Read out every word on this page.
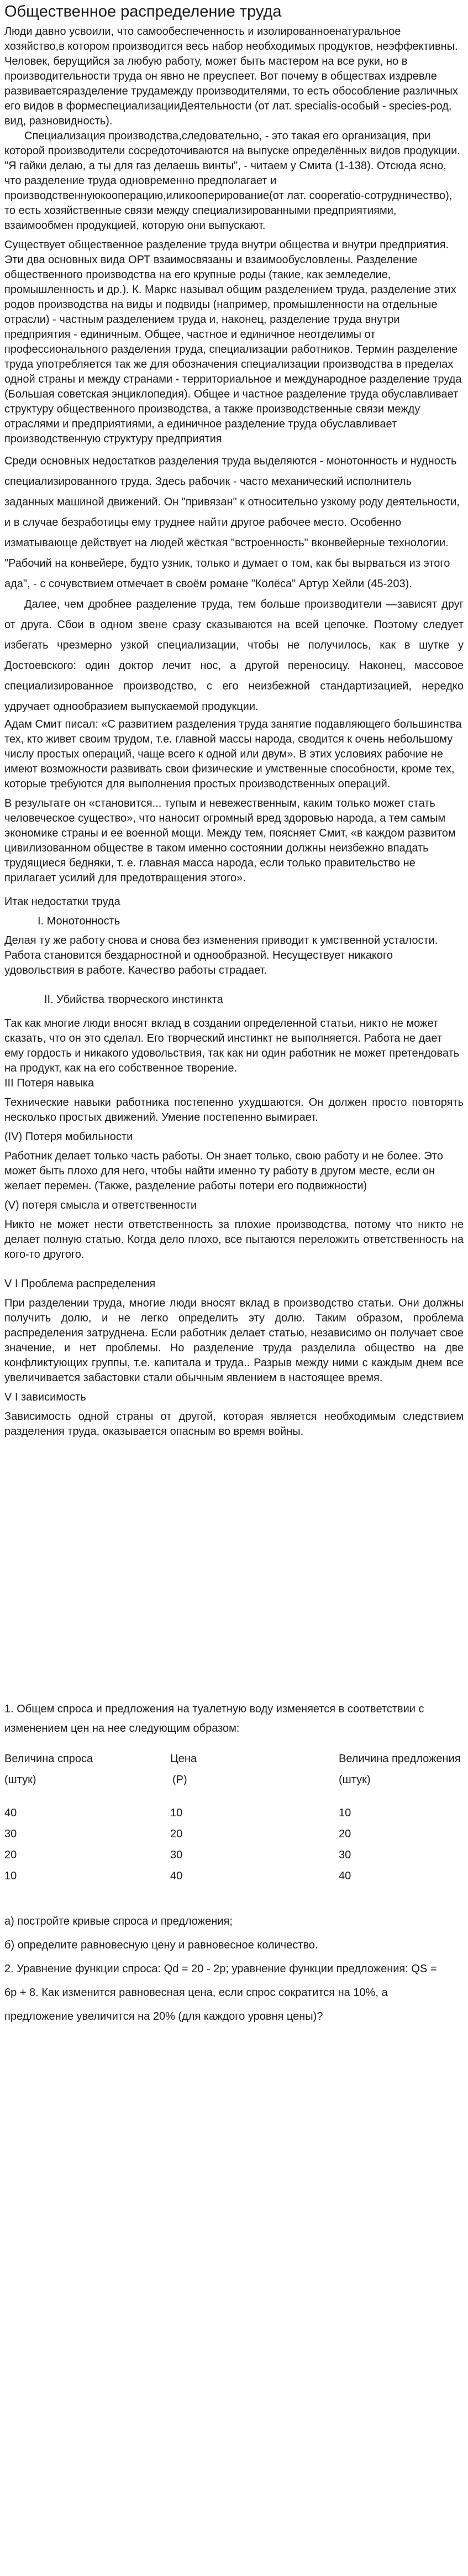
Общественное распределение труда

Люди давно усвоили, что самообеспеченность и изолированноенатуральное хозяйство,в котором производится весь набор необходимых продуктов, неэффективны. Человек, берущийся за любую работу, может быть мастером на все руки, но в производительности труда он явно не преуспеет. Вот почему в обществах издревле развиваетсяразделение трудамежду производителями, то есть обособление различных его видов в формеспециализацииДеятельности (от лат. specialis-особый - species-род, вид, разновидность).

Специализация производства,следовательно, - это такая его организация, при которой производители сосредоточиваются на выпуске определённых видов продукции. "Я гайки делаю, а ты для газ делаешь винты", - читаем у Смита (1-138). Отсюда ясно, что разделение труда одновременно предполагает и производственнуюкооперацию,иликооперирование(от лат. cooperatio-сотрудничество), то есть хозяйственные связи между специализированными предприятиями, взаимообмен продукцией, которую они выпускают.

Существует общественное разделение труда внутри общества и внутри предприятия. Эти два основных вида ОРТ взаимосвязаны и взаимообусловлены. Разделение общественного производства на его крупные роды (такие, как земледелие, промышленность и др.). К. Маркс называл общим разделением труда, разделение этих родов производства на виды и подвиды (например, промышленности на отдельные отрасли) - частным разделением труда и, наконец, разделение труда внутри предприятия - единичным. Общее, частное и единичное неотделимы от профессионального разделения труда, специализации работников. Термин разделение труда употребляется так же для обозначения специализации производства в пределах одной страны и между странами - территориальное и международное разделение труда (Большая советская энциклопедия). Общее и частное разделение труда обуславливает структуру общественного производства, а также производственные связи между отраслями и предприятиями, а единичное разделение труда обуславливает производственную структуру предприятия

Среди основных недостатков разделения труда выделяются - монотонность и нудность специализированного труда. Здесь рабочик - часто механический исполнитель заданных машиной движений. Он "привязан" к относительно узкому роду деятельности, и в случае безработицы ему труднее найти другое рабочее место. Особенно изматывающе действует на людей жёсткая "встроенность" вконвейерные технологии. "Рабочий на конвейере, будто узник, только и думает о том, как бы вырваться из этого ада", - с сочувствием отмечает в своём романе "Колёса" Артур Хейли (45-203).

Далее, чем дробнее разделение труда, тем больше производители —зависят друг от друга. Сбои в одном звене сразу сказываются на всей цепочке. Поэтому следует избегать чрезмерно узкой специализации, чтобы не получилось, как в шутке у Достоевского: один доктор лечит нос, а другой переносицу. Наконец, массовое специализированное производство, с его неизбежной стандартизацией, нередко удручает однообразием выпускаемой продукции.

Адам Смит писал: «С развитием разделения труда занятие подавляющего большинства тех, кто живет своим трудом, т.е. главной массы народа, сводится к очень небольшому числу простых операций, чаще всего к одной или двум». В этих условиях рабочие не имеют возможности развивать свои физические и умственные способности, кроме тех, которые требуются для выполнения простых производственных операций.

В результате он «становится... тупым и невежественным, каким только может стать человеческое существо», что наносит огромный вред здоровью народа, а тем самым экономике страны и ее военной мощи. Между тем, поясняет Смит, «в каждом развитом цивилизованном обществе в таком именно состоянии должны неизбежно впадать трудящиеся бедняки, т. е. главная масса народа, если только правительство не прилагает усилий для предотвращения этого».

Итак недостатки труда

I. Монотонность

Делая ту же работу снова и снова без изменения приводит к умственной усталости. Работа становится бездарностной и однообразной. Несуществует никакого удовольствия в работе. Качество работы страдает.

II. Убийства творческого инстинкта

Так как многие люди вносят вклад в создании определенной статьи, никто не может сказать, что он это сделал. Его творческий инстинкт не выполняется. Работа не дает ему гордость и никакого удовольствия, так как ни один работник не может претендовать на продукт, как на его собственное творение.

III Потеря навыка

Технические навыки работника постепенно ухудшаются. Он должен просто повторять несколько простых движений. Умение постепенно вымирает.

(IV) Потеря мобильности

Работник делает только часть работы. Он знает только, свою работу и не более. Это может быть плохо для него, чтобы найти именно ту работу в другом месте, если он желает перемен. (Также, разделение работы потери его подвижности)

(V) потеря смысла и ответственности

Никто не может нести ответственность за плохие производства, потому что никто не делает полную статью. Когда дело плохо, все пытаются переложить ответственность на кого-то другого.

V I Проблема распределения

При разделении труда, многие люди вносят вклад в производство статьи. Они должны получить долю, и не легко определить эту долю. Таким образом, проблема распределения затруднена. Если работник делает статью, независимо он получает свое значение, и нет проблемы. Но разделение труда разделила общество на две конфликтующих группы, т.е. капитала и труда.. Разрыв между ними с каждым днем все увеличивается забастовки стали обычным явлением в настоящее время.

V I зависимость

Зависимость одной страны от другой, которая является необходимым следствием разделения труда, оказывается опасным во время войны.

1. Общем спроса и предложения на туалетную воду изменяется в соответствии с

изменением цен на нее следующим образом:

Величина спроса	Цена	Величина предложения
(штук)	(Р)	(штук)
40	10	10
30	20	20
20	30	30
10	40	40

а) постройте кривые спроса и предложения;

б) определите равновесную цену и равновесное количество.

2. Уравнение функции спроса: Qd = 20 - 2p; уравнение функции предложения: QS =

6p + 8. Как изменится равновесная цена, если спрос сократится на 10%, а

предложение увеличится на 20% (для каждого уровня цены)?
